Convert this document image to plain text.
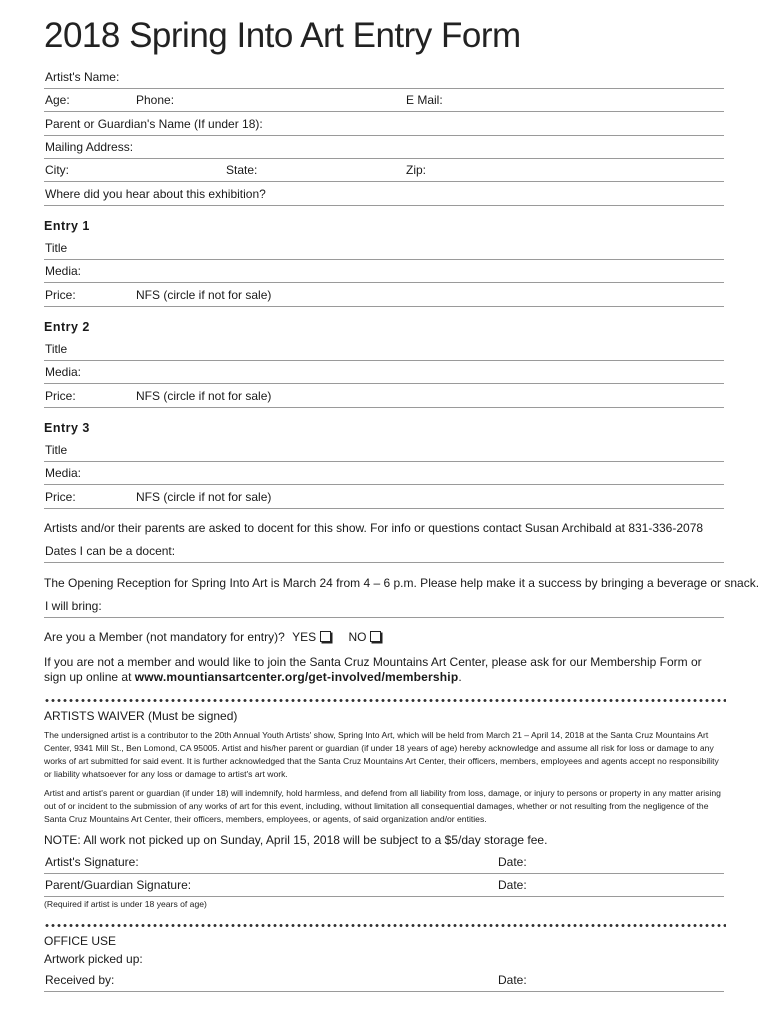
2018 Spring Into Art Entry Form
Artist's Name:
Age:	Phone:	E Mail:
Parent or Guardian's Name (If under 18):
Mailing Address:
City:	State:	Zip:
Where did you hear about this exhibition?
Entry 1
Title
Media:
Price:	NFS (circle if not for sale)
Entry 2
Title
Media:
Price:	NFS (circle if not for sale)
Entry 3
Title
Media:
Price:	NFS (circle if not for sale)
Artists and/or their parents are asked to docent for this show. For info or questions contact Susan Archibald at 831-336-2078
Dates I can be a docent:
The Opening Reception for Spring Into Art is March 24 from 4 – 6 p.m. Please help make it a success by bringing a beverage or snack.
I will bring:
Are you a Member (not mandatory for entry)? YES	NO
If you are not a member and would like to join the Santa Cruz Mountains Art Center, please ask for our Membership Form or sign up online at www.mountiansartcenter.org/get-involved/membership.
ARTISTS WAIVER (Must be signed)
The undersigned artist is a contributor to the 20th Annual Youth Artists' show, Spring Into Art, which will be held from March 21 – April 14, 2018 at the Santa Cruz Mountains Art Center, 9341 Mill St., Ben Lomond, CA 95005. Artist and his/her parent or guardian (if under 18 years of age) hereby acknowledge and assume all risk for loss or damage to any works of art submitted for said event. It is further acknowledged that the Santa Cruz Mountains Art Center, their officers, members, employees and agents accept no responsibility or liability whatsoever for any loss or damage to artist's art work.
Artist and artist's parent or guardian (if under 18) will indemnify, hold harmless, and defend from all liability from loss, damage, or injury to persons or property in any matter arising out of or incident to the submission of any works of art for this event, including, without limitation all consequential damages, whether or not resulting from the negligence of the Santa Cruz Mountains Art Center, their officers, members, employees, or agents, of said organization and/or entities.
NOTE: All work not picked up on Sunday, April 15, 2018 will be subject to a $5/day storage fee.
Artist's Signature:	Date:
Parent/Guardian Signature:	Date:
(Required if artist is under 18 years of age)
OFFICE USE
Artwork picked up:
Received by:	Date:
